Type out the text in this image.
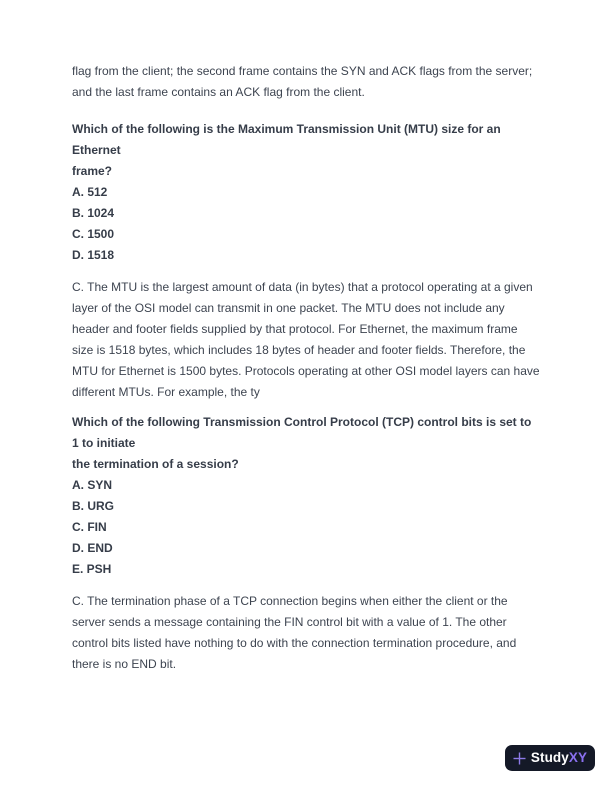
flag from the client; the second frame contains the SYN and ACK flags from the server;
and the last frame contains an ACK flag from the client.
Which of the following is the Maximum Transmission Unit (MTU) size for an
Ethernet
frame?
A. 512
B. 1024
C. 1500
D. 1518
C. The MTU is the largest amount of data (in bytes) that a protocol operating at a given
layer of the OSI model can transmit in one packet. The MTU does not include any
header and footer fields supplied by that protocol. For Ethernet, the maximum frame
size is 1518 bytes, which includes 18 bytes of header and footer fields. Therefore, the
MTU for Ethernet is 1500 bytes. Protocols operating at other OSI model layers can have
different MTUs. For example, the ty
Which of the following Transmission Control Protocol (TCP) control bits is set to
1 to initiate
the termination of a session?
A. SYN
B. URG
C. FIN
D. END
E. PSH
C. The termination phase of a TCP connection begins when either the client or the
server sends a message containing the FIN control bit with a value of 1. The other
control bits listed have nothing to do with the connection termination procedure, and
there is no END bit.
StudyXY
